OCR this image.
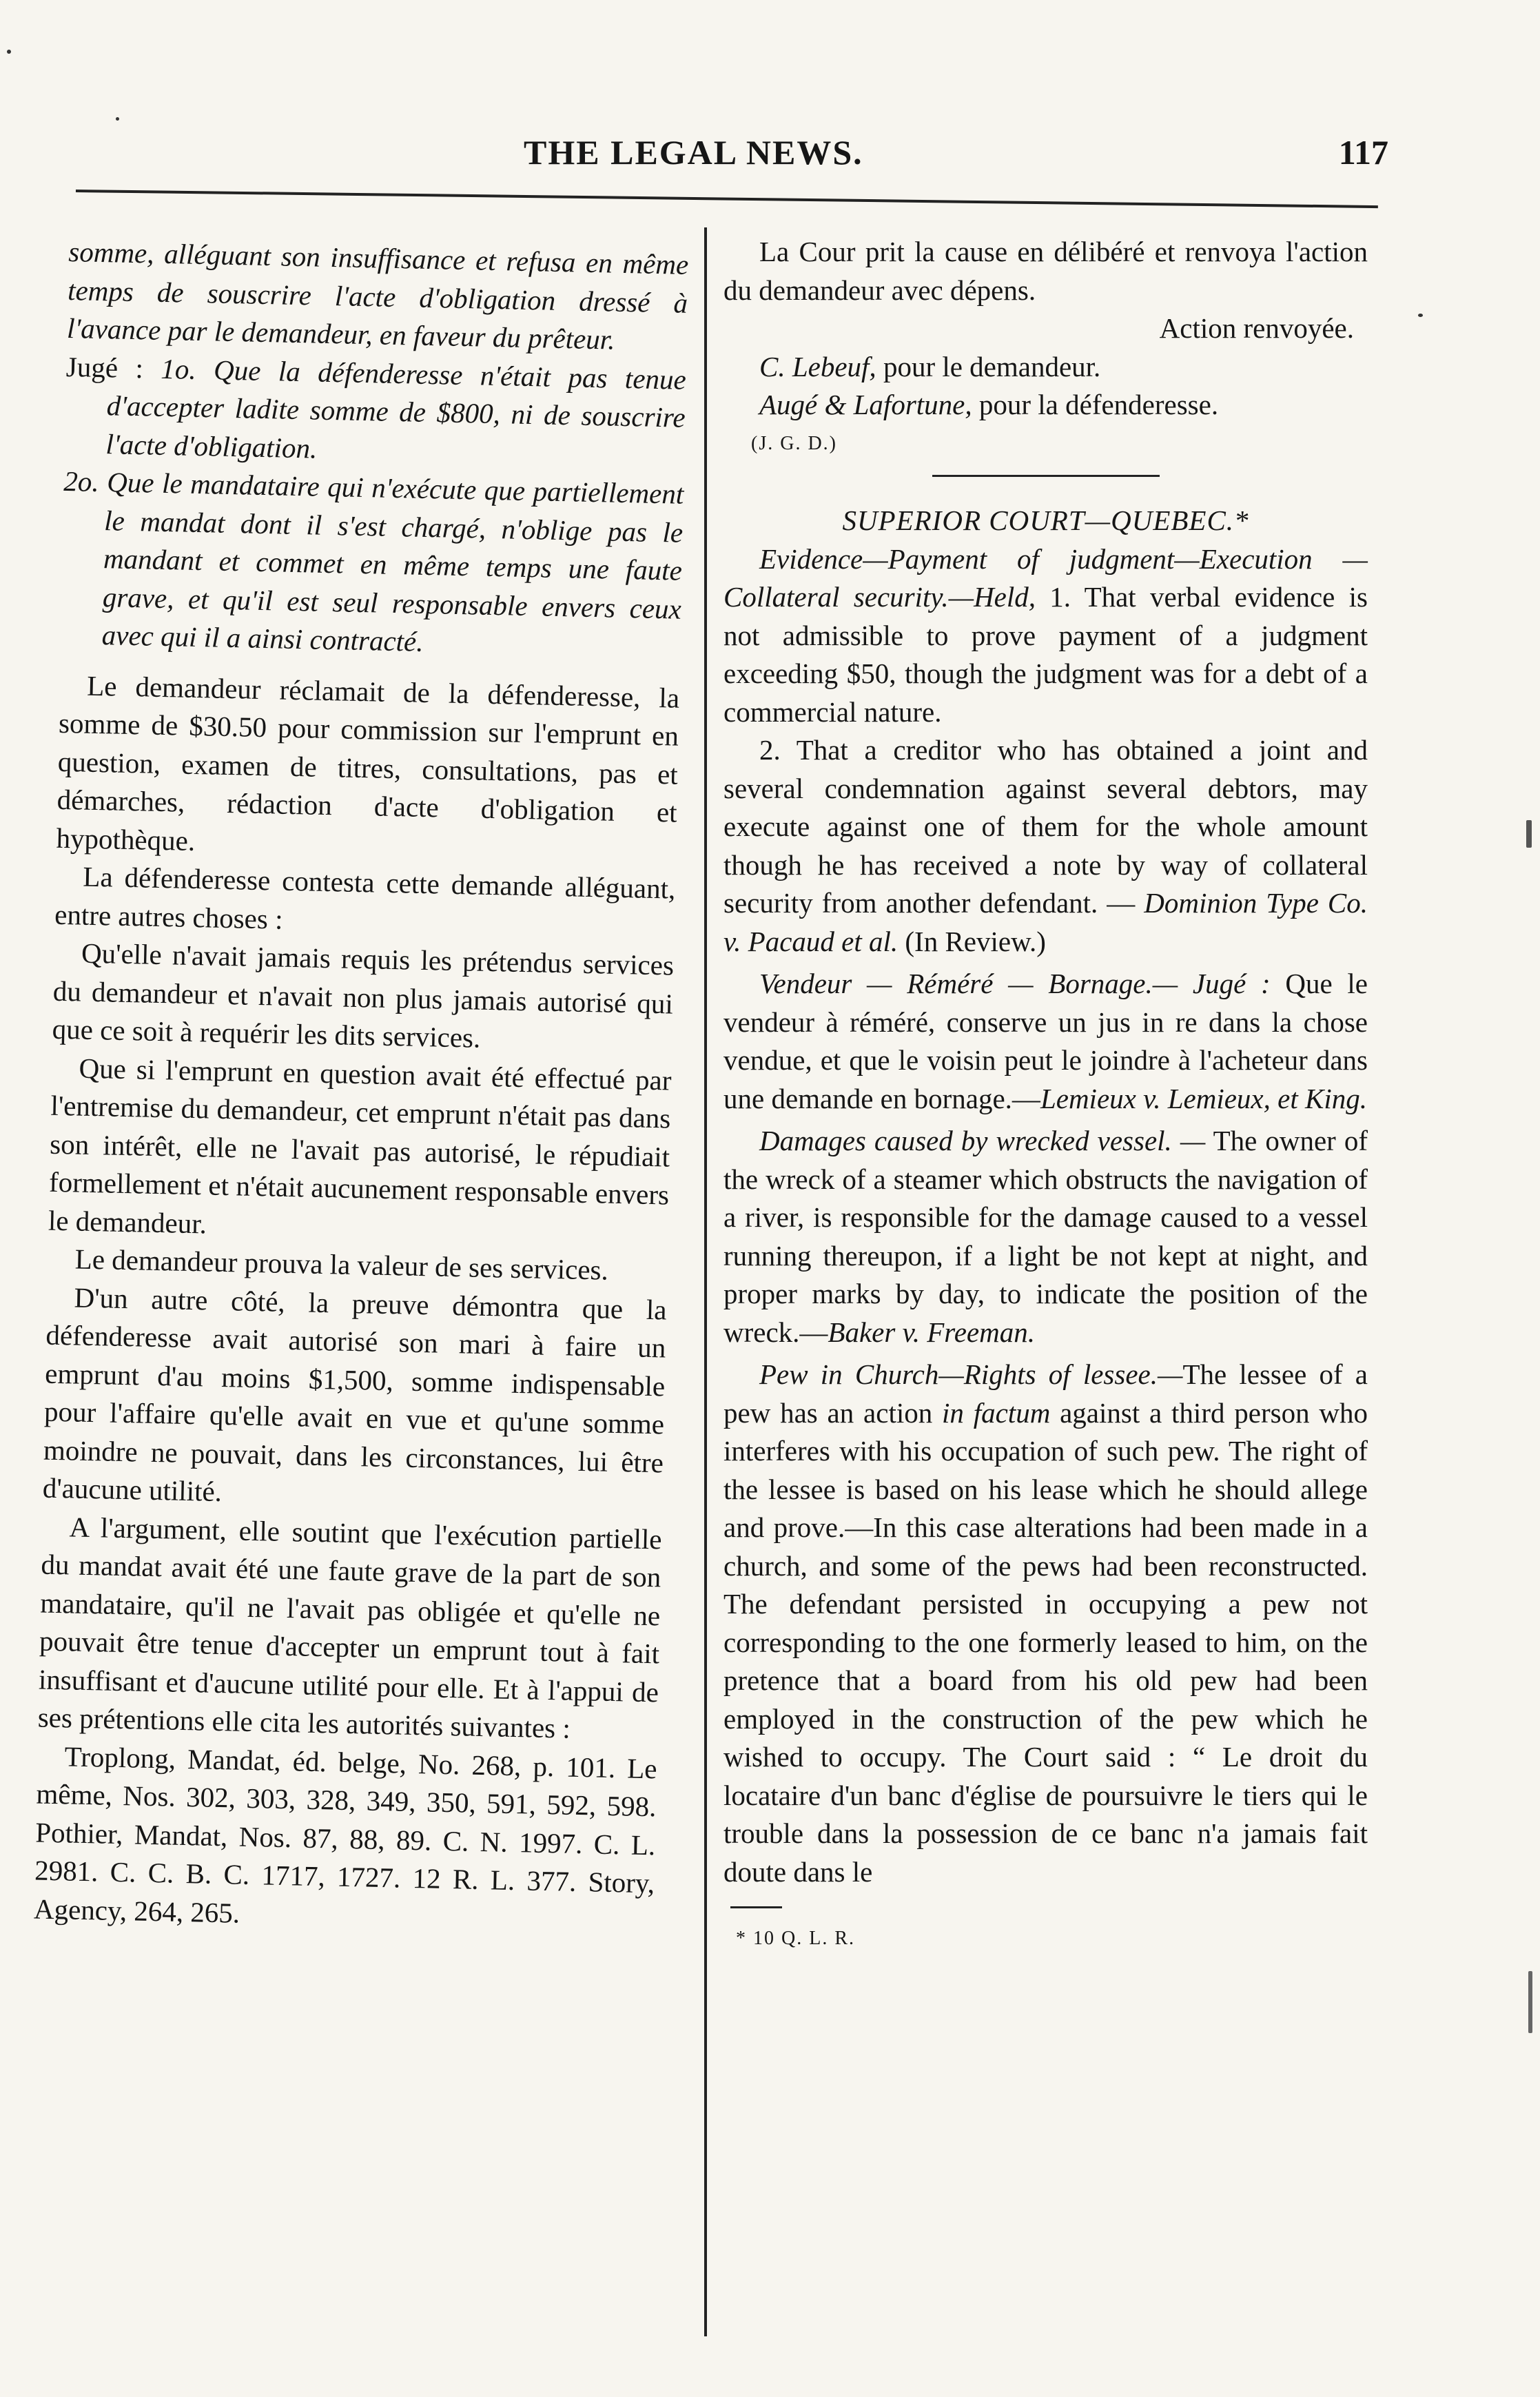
THE LEGAL NEWS.	117

somme, alléguant son insuffisance et refusa en même temps de souscrire l'acte d'obligation dressé à l'avance par le demandeur, en faveur du prêteur.

Jugé : 1o. Que la défenderesse n'était pas tenue d'accepter ladite somme de $800, ni de souscrire l'acte d'obligation.

2o. Que le mandataire qui n'exécute que partiellement le mandat dont il s'est chargé, n'oblige pas le mandant et commet en même temps une faute grave, et qu'il est seul responsable envers ceux avec qui il a ainsi contracté.

Le demandeur réclamait de la défenderesse, la somme de $30.50 pour commission sur l'emprunt en question, examen de titres, consultations, pas et démarches, rédaction d'acte d'obligation et hypothèque.

La défenderesse contesta cette demande alléguant, entre autres choses :

Qu'elle n'avait jamais requis les prétendus services du demandeur et n'avait non plus jamais autorisé qui que ce soit à requérir les dits services.

Que si l'emprunt en question avait été effectué par l'entremise du demandeur, cet emprunt n'était pas dans son intérêt, elle ne l'avait pas autorisé, le répudiait formellement et n'était aucunement responsable envers le demandeur.

Le demandeur prouva la valeur de ses services.

D'un autre côté, la preuve démontra que la défenderesse avait autorisé son mari à faire un emprunt d'au moins $1,500, somme indispensable pour l'affaire qu'elle avait en vue et qu'une somme moindre ne pouvait, dans les circonstances, lui être d'aucune utilité.

A l'argument, elle soutint que l'exécution partielle du mandat avait été une faute grave de la part de son mandataire, qu'il ne l'avait pas obligée et qu'elle ne pouvait être tenue d'accepter un emprunt tout à fait insuffisant et d'aucune utilité pour elle. Et à l'appui de ses prétentions elle cita les autorités suivantes :

Troplong, Mandat, éd. belge, No. 268, p. 101. Le même, Nos. 302, 303, 328, 349, 350, 591, 592, 598. Pothier, Mandat, Nos. 87, 88, 89. C. N. 1997. C. L. 2981. C. C. B. C. 1717, 1727. 12 R. L. 377. Story, Agency, 264, 265.

La Cour prit la cause en délibéré et renvoya l'action du demandeur avec dépens.

Action renvoyée.

C. Lebeuf, pour le demandeur.

Augé & Lafortune, pour la défenderesse.

(J. G. D.)

SUPERIOR COURT—QUEBEC.*

Evidence—Payment of judgment—Execution —Collateral security.—Held, 1. That verbal evidence is not admissible to prove payment of a judgment exceeding $50, though the judgment was for a debt of a commercial nature.

2. That a creditor who has obtained a joint and several condemnation against several debtors, may execute against one of them for the whole amount though he has received a note by way of collateral security from another defendant. — Dominion Type Co. v. Pacaud et al. (In Review.)

Vendeur — Réméré — Bornage.— Jugé : Que le vendeur à réméré, conserve un jus in re dans la chose vendue, et que le voisin peut le joindre à l'acheteur dans une demande en bornage.—Lemieux v. Lemieux, et King.

Damages caused by wrecked vessel. — The owner of the wreck of a steamer which obstructs the navigation of a river, is responsible for the damage caused to a vessel running thereupon, if a light be not kept at night, and proper marks by day, to indicate the position of the wreck.—Baker v. Freeman.

Pew in Church—Rights of lessee.—The lessee of a pew has an action in factum against a third person who interferes with his occupation of such pew. The right of the lessee is based on his lease which he should allege and prove.—In this case alterations had been made in a church, and some of the pews had been reconstructed. The defendant persisted in occupying a pew not corresponding to the one formerly leased to him, on the pretence that a board from his old pew had been employed in the construction of the pew which he wished to occupy. The Court said : “ Le droit du locataire d'un banc d'église de poursuivre le tiers qui le trouble dans la possession de ce banc n'a jamais fait doute dans le

* 10 Q. L. R.
